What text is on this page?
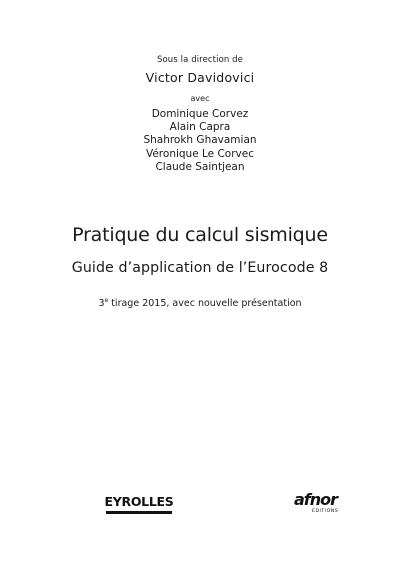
Sous la direction de
Victor Davidovici
avec
Dominique Corvez
Alain Capra
Shahrokh Ghavamian
Véronique Le Corvec
Claude Saintjean
Pratique du calcul sismique
Guide d’application de l’Eurocode 8
3e tirage 2015, avec nouvelle présentation
EYROLLES	afnor
EDITIONS
